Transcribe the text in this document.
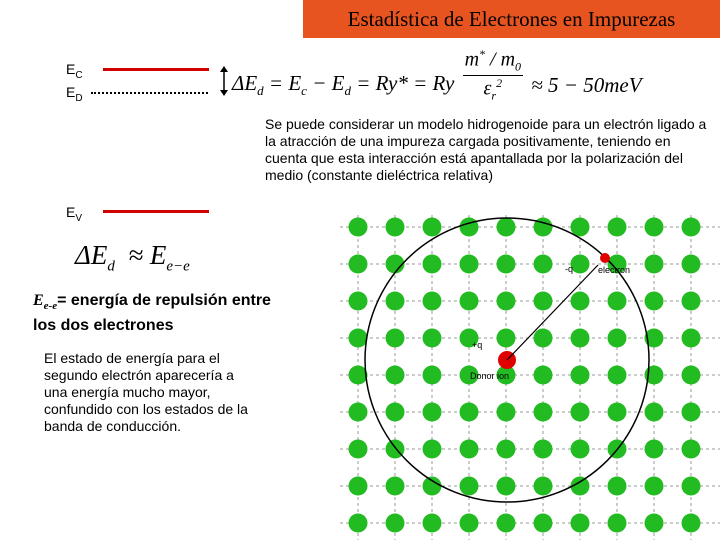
Estadística de Electrones en Impurezas
$E_C$
$E_D$
$E_V$
$\Delta E_d = E_c - E_d = Ry* = Ry \frac{m^* / m_0}{\varepsilon_r^2} \approx 5 - 50meV$
Se puede considerar un modelo hidrogenoide para un electrón ligado a la atracción de una impureza cargada positivamente, teniendo en cuenta que esta interacción está apantallada por la polarización del medio (constante dieléctrica relativa)
$\Delta E_d \approx E_{e-e}$
$E_{e-e}=$ energía de repulsión entre los dos electrones
El estado de energía para el segundo electrón aparecería a una energía mucho mayor, confundido con los estados de la banda de conducción.
+q
Donor ion
-q	electron
